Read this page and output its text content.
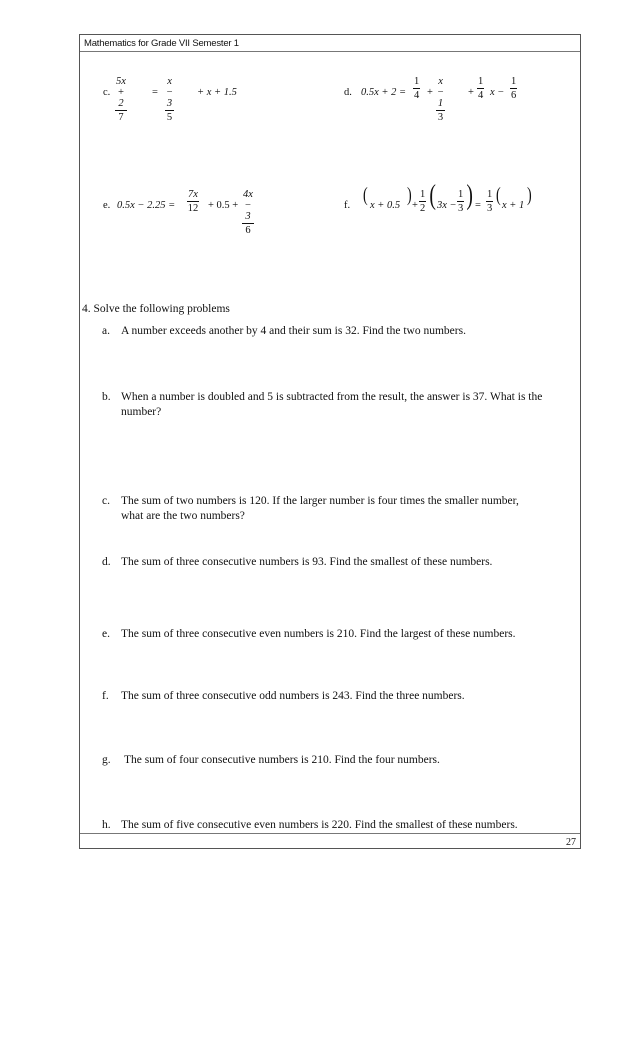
Mathematics for Grade VII Semester 1
27
c.
5x + 2
7
=
x − 3
5
+ x + 1.5	d. 0.5x + 2 =
1
4 +
x − 1
3
+
1
4 x −
1
6
e. 0.5x − 2.25 =
7x
12 + 0.5 +
4x − 3
6
f. ( x + 0.5 ) +
1
2 ( 3x −
1
3 ) =
1
3
( x + 1 )
4. Solve the following problems
a. A number exceeds another by 4 and their sum is 32. Find the two numbers.
b. When a number is doubled and 5 is subtracted from the result, the answer is 37. What is the
number?
c. The sum of two numbers is 120. If the larger number is four times the smaller number,
what are the two numbers?
d. The sum of three consecutive numbers is 93. Find the smallest of these numbers.
e. The sum of three consecutive even numbers is 210. Find the largest of these numbers.
f. The sum of three consecutive odd numbers is 243. Find the three numbers.
g. The sum of four consecutive numbers is 210. Find the four numbers.
h. The sum of five consecutive even numbers is 220. Find the smallest of these numbers.
